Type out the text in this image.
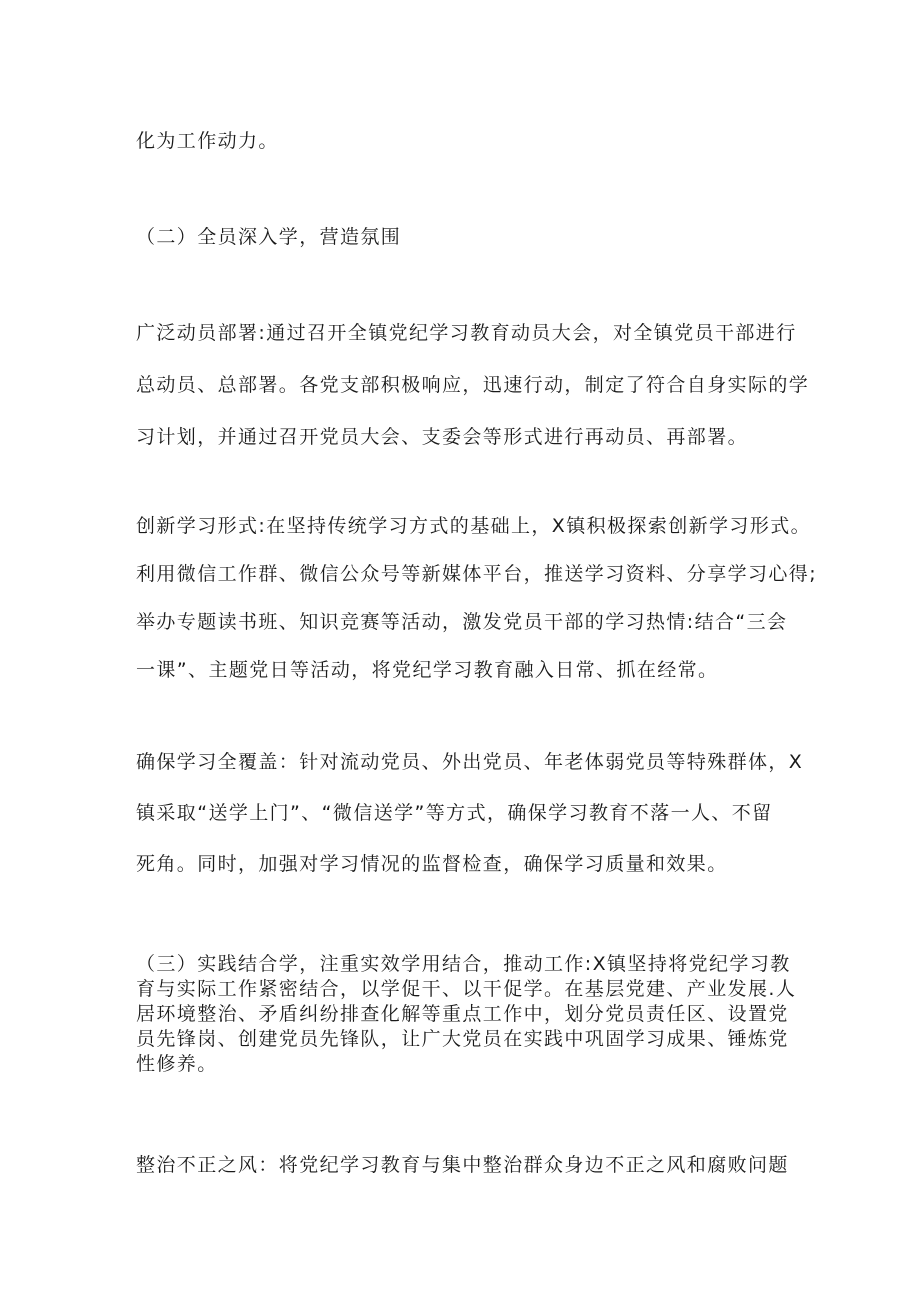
化为工作动力。

（二）全员深入学，营造氛围

广泛动员部署:通过召开全镇党纪学习教育动员大会，对全镇党员干部进行
总动员、总部署。各党支部积极响应，迅速行动，制定了符合自身实际的学
习计划，并通过召开党员大会、支委会等形式进行再动员、再部署。

创新学习形式:在坚持传统学习方式的基础上，X镇积极探索创新学习形式。
利用微信工作群、微信公众号等新媒体平台，推送学习资料、分享学习心得;
举办专题读书班、知识竞赛等活动，激发党员干部的学习热情:结合“三会
一课”、主题党日等活动，将党纪学习教育融入日常、抓在经常。

确保学习全覆盖：针对流动党员、外出党员、年老体弱党员等特殊群体，X
镇采取“送学上门”、“微信送学”等方式，确保学习教育不落一人、不留
死角。同时，加强对学习情况的监督检查，确保学习质量和效果。

（三）实践结合学，注重实效学用结合，推动工作:X镇坚持将党纪学习教
育与实际工作紧密结合，以学促干、以干促学。在基层党建、产业发展.人
居环境整治、矛盾纠纷排查化解等重点工作中，划分党员责任区、设置党
员先锋岗、创建党员先锋队，让广大党员在实践中巩固学习成果、锤炼党
性修养。

整治不正之风：将党纪学习教育与集中整治群众身边不正之风和腐败问题
